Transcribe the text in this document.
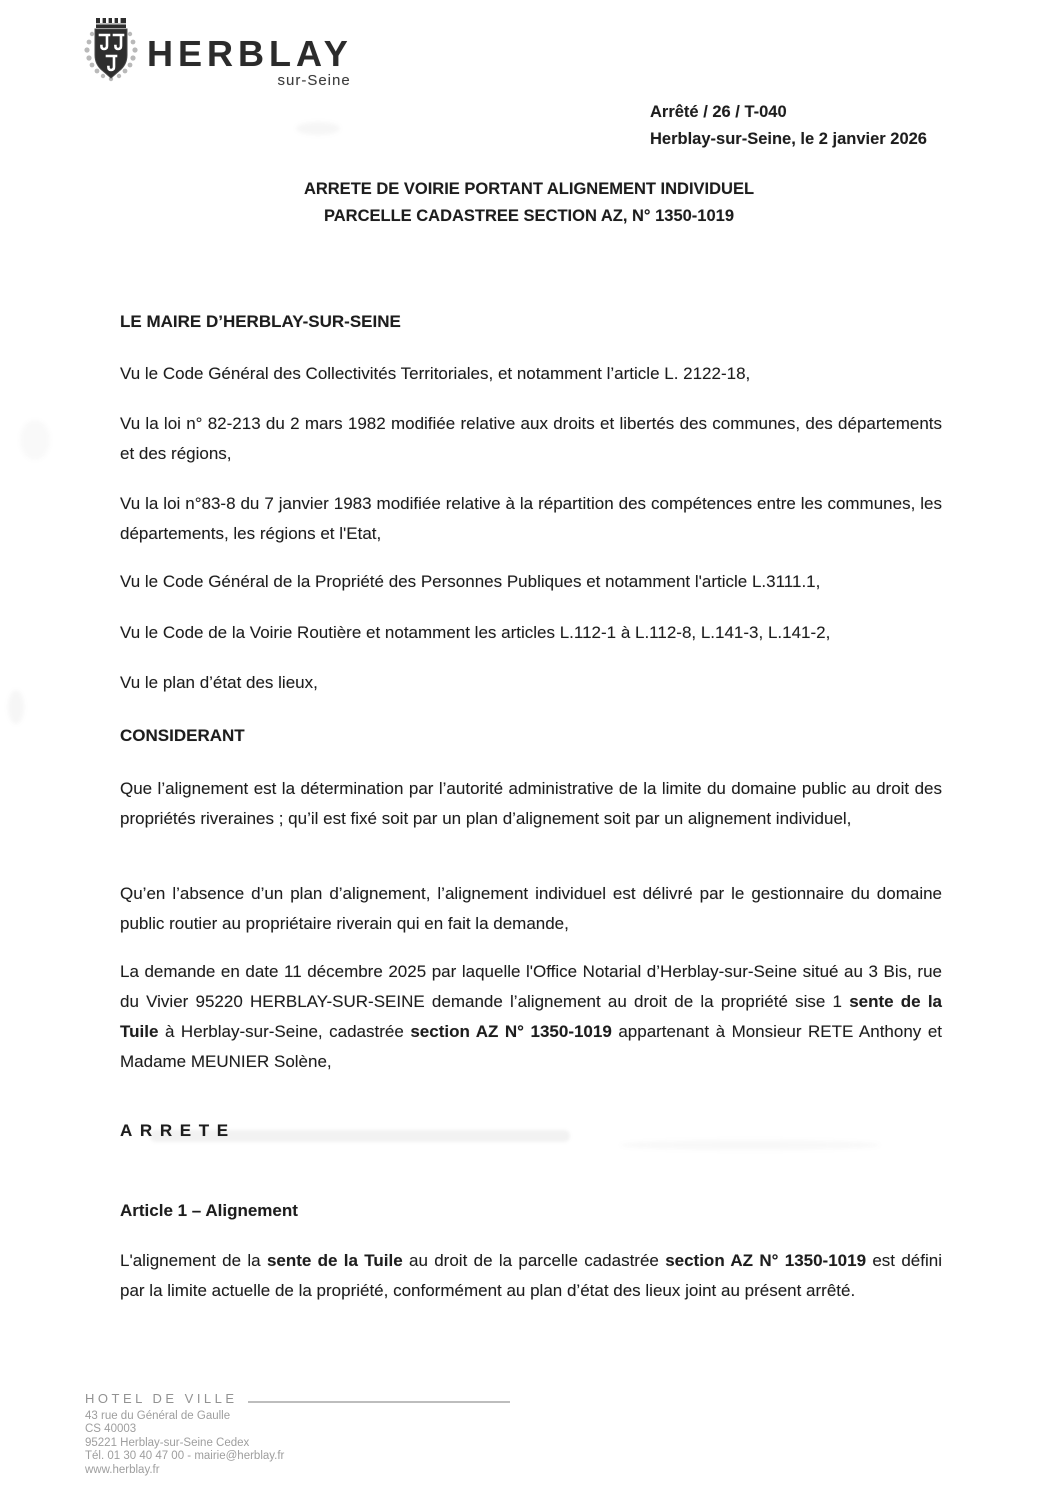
HERBLAY
sur-Seine
Arrêté / 26 / T-040
Herblay-sur-Seine, le 2 janvier 2026
ARRETE DE VOIRIE PORTANT ALIGNEMENT INDIVIDUEL
PARCELLE CADASTREE SECTION AZ, N° 1350-1019

LE MAIRE D’HERBLAY-SUR-SEINE

Vu le Code Général des Collectivités Territoriales, et notamment l’article L. 2122-18,

Vu la loi n° 82-213 du 2 mars 1982 modifiée relative aux droits et libertés des communes, des départements et des régions,

Vu la loi n°83-8 du 7 janvier 1983 modifiée relative à la répartition des compétences entre les communes, les départements, les régions et l'Etat,

Vu le Code Général de la Propriété des Personnes Publiques et notamment l'article L.3111.1,

Vu le Code de la Voirie Routière et notamment les articles L.112-1 à L.112-8, L.141-3, L.141-2,

Vu le plan d’état des lieux,

CONSIDERANT

Que l’alignement est la détermination par l’autorité administrative de la limite du domaine public au droit des propriétés riveraines ; qu’il est fixé soit par un plan d’alignement soit par un alignement individuel,

Qu’en l’absence d’un plan d’alignement, l’alignement individuel est délivré par le gestionnaire du domaine public routier au propriétaire riverain qui en fait la demande,

La demande en date 11 décembre 2025 par laquelle l'Office Notarial d’Herblay-sur-Seine situé au 3 Bis, rue du Vivier 95220 HERBLAY-SUR-SEINE demande l’alignement au droit de la propriété sise 1 sente de la Tuile à Herblay-sur-Seine, cadastrée section AZ N° 1350-1019 appartenant à Monsieur RETE Anthony et Madame MEUNIER Solène,

ARRETE

Article 1 – Alignement

L'alignement de la sente de la Tuile au droit de la parcelle cadastrée section AZ N° 1350-1019 est défini par la limite actuelle de la propriété, conformément au plan d’état des lieux joint au présent arrêté.

HOTEL DE VILLE
43 rue du Général de Gaulle
CS 40003
95221 Herblay-sur-Seine Cedex
Tél. 01 30 40 47 00 - mairie@herblay.fr
www.herblay.fr
